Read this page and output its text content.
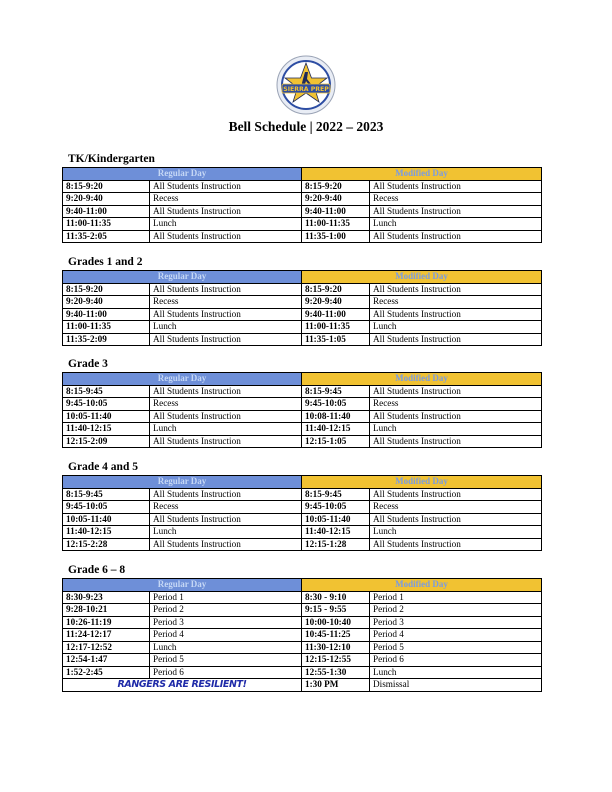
SIERRA PREP
Bell Schedule | 2022 – 2023
TK/Kindergarten
Regular Day		Modified Day	
8:15-9:20	All Students Instruction	8:15-9:20	All Students Instruction
9:20-9:40	Recess	9:20-9:40	Recess
9:40-11:00	All Students Instruction	9:40-11:00	All Students Instruction
11:00-11:35	Lunch	11:00-11:35	Lunch
11:35-2:05	All Students Instruction	11:35-1:00	All Students Instruction
Grades 1 and 2
Regular Day		Modified Day	
8:15-9:20	All Students Instruction	8:15-9:20	All Students Instruction
9:20-9:40	Recess	9:20-9:40	Recess
9:40-11:00	All Students Instruction	9:40-11:00	All Students Instruction
11:00-11:35	Lunch	11:00-11:35	Lunch
11:35-2:09	All Students Instruction	11:35-1:05	All Students Instruction
Grade 3
Regular Day		Modified Day	
8:15-9:45	All Students Instruction	8:15-9:45	All Students Instruction
9:45-10:05	Recess	9:45-10:05	Recess
10:05-11:40	All Students Instruction	10:08-11:40	All Students Instruction
11:40-12:15	Lunch	11:40-12:15	Lunch
12:15-2:09	All Students Instruction	12:15-1:05	All Students Instruction
Grade 4 and 5
Regular Day		Modified Day	
8:15-9:45	All Students Instruction	8:15-9:45	All Students Instruction
9:45-10:05	Recess	9:45-10:05	Recess
10:05-11:40	All Students Instruction	10:05-11:40	All Students Instruction
11:40-12:15	Lunch	11:40-12:15	Lunch
12:15-2:28	All Students Instruction	12:15-1:28	All Students Instruction
Grade 6 – 8
Regular Day		Modified Day	
8:30-9:23	Period 1	8:30 - 9:10	Period 1
9:28-10:21	Period 2	9:15 - 9:55	Period 2
10:26-11:19	Period 3	10:00-10:40	Period 3
11:24-12:17	Period 4	10:45-11:25	Period 4
12:17-12:52	Lunch	11:30-12:10	Period 5
12:54-1:47	Period 5	12:15-12:55	Period 6
1:52-2:45	Period 6	12:55-1:30	Lunch
RANGERS ARE RESILIENT!		1:30 PM	Dismissal
